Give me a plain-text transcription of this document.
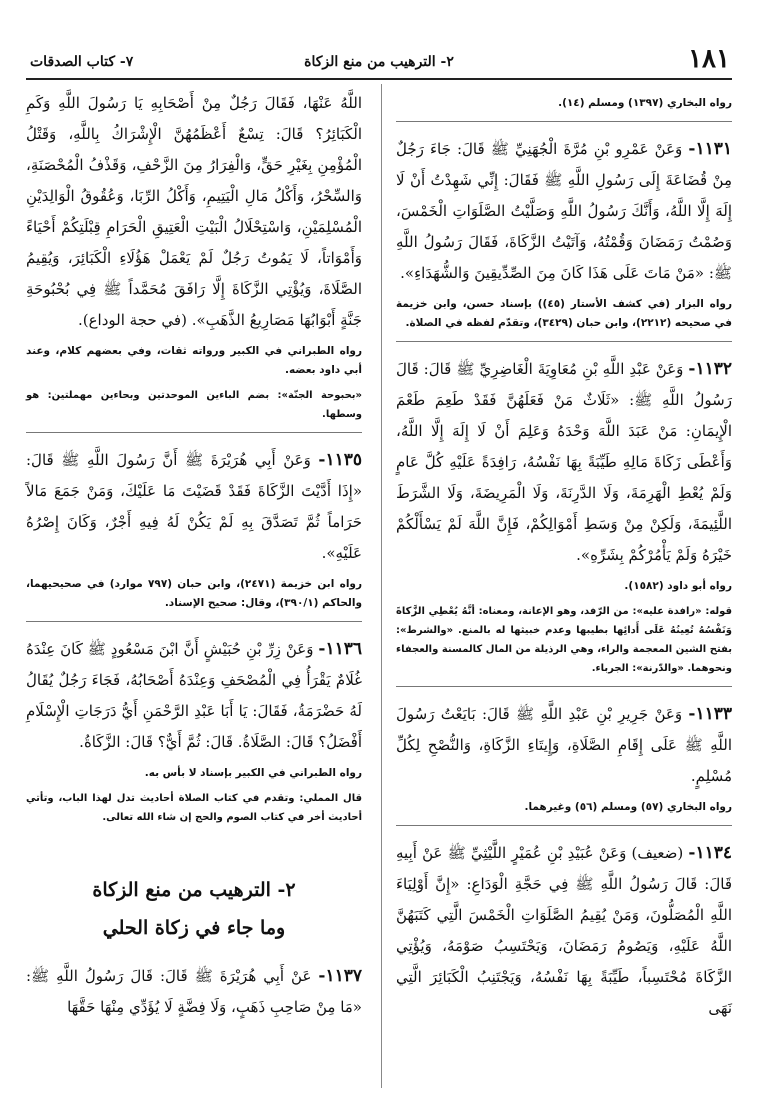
١٨١
٢- الترهيب من منع الزكاة
٧- كتاب الصدقات

رواه البخاري (١٣٩٧) ومسلم (١٤).

١١٣١- وَعَنْ عَمْرِو بْنِ مُرَّةَ الْجُهَنِيِّ ﷺ قَالَ: جَاءَ رَجُلٌ مِنْ قُضَاعَةَ إِلَى رَسُولِ اللَّهِ ﷺ فَقَالَ: إِنِّي شَهِدْتُ أَنْ لَا إِلَهَ إِلَّا اللَّهُ، وَأَنَّكَ رَسُولُ اللَّهِ وَصَلَّيْتُ الصَّلَوَاتِ الْخَمْسَ، وَصُمْتُ رَمَضَانَ وَقُمْتُهُ، وَآتَيْتُ الزَّكَاةَ، فَقَالَ رَسُولُ اللَّهِ ﷺ: «مَنْ مَاتَ عَلَى هَذَا كَانَ مِنَ الصِّدِّيقِينَ وَالشُّهَدَاءِ».

رواه البزار (في كشف الأستار (٤٥)) بإسناد حسن، وابن خزيمة في صحيحه (٢٢١٢)، وابن حبان (٣٤٢٩)، وتقدّم لفظه في الصلاة.

١١٣٢- وَعَنْ عَبْدِ اللَّهِ بْنِ مُعَاوِيَةَ الْغَاضِرِيِّ ﷺ قَالَ: قَالَ رَسُولُ اللَّهِ ﷺ: «ثَلَاثٌ مَنْ فَعَلَهُنَّ فَقَدْ طَعِمَ طَعْمَ الْإِيمَانِ: مَنْ عَبَدَ اللَّهَ وَحْدَهُ وَعَلِمَ أَنْ لَا إِلَهَ إِلَّا اللَّهُ، وَأَعْطَى زَكَاةَ مَالِهِ طَيِّبَةً بِهَا نَفْسُهُ، رَافِدَةً عَلَيْهِ كُلَّ عَامٍ وَلَمْ يُعْطِ الْهَرِمَةَ، وَلَا الدَّرِنَةَ، وَلَا الْمَرِيضَةَ، وَلَا الشَّرَطَ اللَّئِيمَةَ، وَلَكِنْ مِنْ وَسَطِ أَمْوَالِكُمْ، فَإِنَّ اللَّهَ لَمْ يَسْأَلْكُمْ خَيْرَهُ وَلَمْ يَأْمُرْكُمْ بِشَرِّهِ».

رواه أبو داود (١٥٨٢).

قوله: «رافدة عليه»: من الرّفد، وهو الإعانة، ومعناه: أنَّهُ يُعْطِي الزَّكاةَ وَنَفْسُهُ تُعِينُهُ عَلَى أَدائِها بطيبها وعدم خبيثها له بالمنع. «والشرط»: بفتح الشين المعجمة والراء، وهي الرذيلة من المال كالمسنة والعجفاء ونحوهما. «والدّرنة»: الجرباء.

١١٣٣- وَعَنْ جَرِيرِ بْنِ عَبْدِ اللَّهِ ﷺ قَالَ: بَايَعْتُ رَسُولَ اللَّهِ ﷺ عَلَى إِقَامِ الصَّلَاةِ، وَإِيتَاءِ الزَّكَاةِ، وَالنُّصْحِ لِكُلِّ مُسْلِمٍ.

رواه البخاري (٥٧) ومسلم (٥٦) وغيرهما.

١١٣٤- (ضعيف) وَعَنْ عُبَيْدِ بْنِ عُمَيْرٍ اللَّيْثِيِّ ﷺ عَنْ أَبِيهِ قَالَ: قَالَ رَسُولُ اللَّهِ ﷺ فِي حَجَّةِ الْوَدَاعِ: «إِنَّ أَوْلِيَاءَ اللَّهِ الْمُصَلُّونَ، وَمَنْ يُقِيمُ الصَّلَوَاتِ الْخَمْسَ الَّتِي كَتَبَهُنَّ اللَّهُ عَلَيْهِ، وَيَصُومُ رَمَضَانَ، وَيَحْتَسِبُ صَوْمَهُ، وَيُؤْتِي الزَّكَاةَ مُحْتَسِباً، طَيِّبَةً بِهَا نَفْسُهُ، وَيَجْتَنِبُ الْكَبَائِرَ الَّتِي نَهَى

اللَّهُ عَنْهَا، فَقَالَ رَجُلٌ مِنْ أَصْحَابِهِ يَا رَسُولَ اللَّهِ وَكَمِ الْكَبَائِرُ؟ قَالَ: تِسْعٌ أَعْظَمُهُنَّ الْإِشْرَاكُ بِاللَّهِ، وَقَتْلُ الْمُؤْمِنِ بِغَيْرِ حَقٍّ، وَالْفِرَارُ مِنَ الزَّحْفِ، وَقَذْفُ الْمُحْصَنَةِ، وَالسِّحْرُ، وَأَكْلُ مَالِ الْيَتِيمِ، وَأَكْلُ الرِّبَا، وَعُقُوقُ الْوَالِدَيْنِ الْمُسْلِمَيْنِ، وَاسْتِحْلَالُ الْبَيْتِ الْعَتِيقِ الْحَرَامِ قِبْلَتِكُمْ أَحْيَاءً وَأَمْوَاتاً، لَا يَمُوتُ رَجُلٌ لَمْ يَعْمَلْ هَؤُلَاءِ الْكَبَائِرَ، وَيُقِيمُ الصَّلَاةَ، وَيُؤْتِي الزَّكَاةَ إِلَّا رَافَقَ مُحَمَّداً ﷺ فِي بُحْبُوحَةِ جَنَّةٍ أَبْوَابُهَا مَصَارِيعُ الذَّهَبِ». (في حجة الوداع).

رواه الطبراني في الكبير ورواته ثقات، وفي بعضهم كلام، وعند أبي داود بعضه.

«بحبوحة الجنّة»: بضم الباءين الموحدتين وبحاءين مهملتين: هو وسطها.

١١٣٥- وَعَنْ أَبِي هُرَيْرَةَ ﷺ أَنَّ رَسُولَ اللَّهِ ﷺ قَالَ: «إِذَا أَدَّيْتَ الزَّكَاةَ فَقَدْ قَضَيْتَ مَا عَلَيْكَ، وَمَنْ جَمَعَ مَالاً حَرَاماً ثُمَّ تَصَدَّقَ بِهِ لَمْ يَكُنْ لَهُ فِيهِ أَجْرٌ، وَكَانَ إِصْرُهُ عَلَيْهِ».

رواه ابن خزيمة (٢٤٧١)، وابن حبان (٧٩٧ موارد) في صحيحيهما، والحاكم (٣٩٠/١)، وقال: صحيح الإسناد.

١١٣٦- وَعَنْ زِرِّ بْنِ حُبَيْشٍ أَنَّ ابْنَ مَسْعُودٍ ﷺ كَانَ عِنْدَهُ غُلَامٌ يَقْرَأُ فِي الْمُصْحَفِ وَعِنْدَهُ أَصْحَابُهُ، فَجَاءَ رَجُلٌ يُقَالُ لَهُ حَضْرَمَةُ، فَقَالَ: يَا أَبَا عَبْدِ الرَّحْمَنِ أَيُّ دَرَجَاتِ الْإِسْلَامِ أَفْضَلُ؟ قَالَ: الصَّلَاةُ. قَالَ: ثُمَّ أَيٌّ؟ قَالَ: الزَّكَاةُ.

رواه الطبراني في الكبير بإسناد لا بأس به.

قال المملي: وتقدم في كتاب الصلاة أحاديث تدل لهذا الباب، وتأتي أحاديث أخر في كتاب الصوم والحج إن شاء الله تعالى.

٢- الترهيب من منع الزكاة

وما جاء في زكاة الحلي

١١٣٧- عَنْ أَبِي هُرَيْرَةَ ﷺ قَالَ: قَالَ رَسُولُ اللَّهِ ﷺ: «مَا مِنْ صَاحِبِ ذَهَبٍ، وَلَا فِضَّةٍ لَا يُؤَدِّي مِنْهَا حَقَّهَا
